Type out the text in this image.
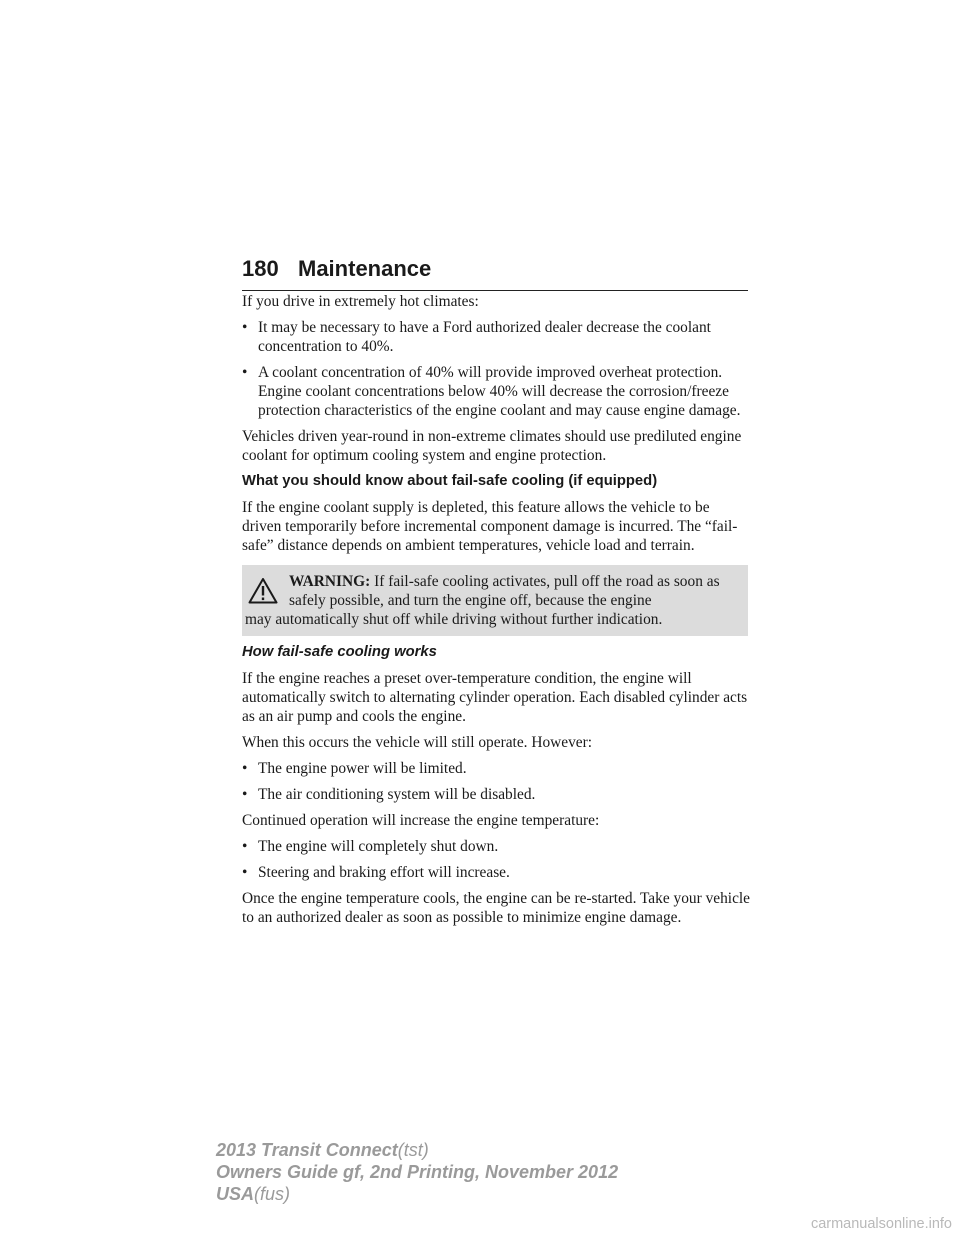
180 Maintenance

If you drive in extremely hot climates:

• It may be necessary to have a Ford authorized dealer decrease the coolant concentration to 40%.
• A coolant concentration of 40% will provide improved overheat protection. Engine coolant concentrations below 40% will decrease the corrosion/freeze protection characteristics of the engine coolant and may cause engine damage.

Vehicles driven year-round in non-extreme climates should use prediluted engine coolant for optimum cooling system and engine protection.

What you should know about fail-safe cooling (if equipped)

If the engine coolant supply is depleted, this feature allows the vehicle to be driven temporarily before incremental component damage is incurred. The “fail-safe” distance depends on ambient temperatures, vehicle load and terrain.

WARNING: If fail-safe cooling activates, pull off the road as soon as safely possible, and turn the engine off, because the engine
may automatically shut off while driving without further indication.

How fail-safe cooling works

If the engine reaches a preset over-temperature condition, the engine will automatically switch to alternating cylinder operation. Each disabled cylinder acts as an air pump and cools the engine.

When this occurs the vehicle will still operate. However:

• The engine power will be limited.
• The air conditioning system will be disabled.

Continued operation will increase the engine temperature:

• The engine will completely shut down.
• Steering and braking effort will increase.

Once the engine temperature cools, the engine can be re-started. Take your vehicle to an authorized dealer as soon as possible to minimize engine damage.

2013 Transit Connect(tst)
Owners Guide gf, 2nd Printing, November 2012
USA(fus)
carmanualsonline.info
